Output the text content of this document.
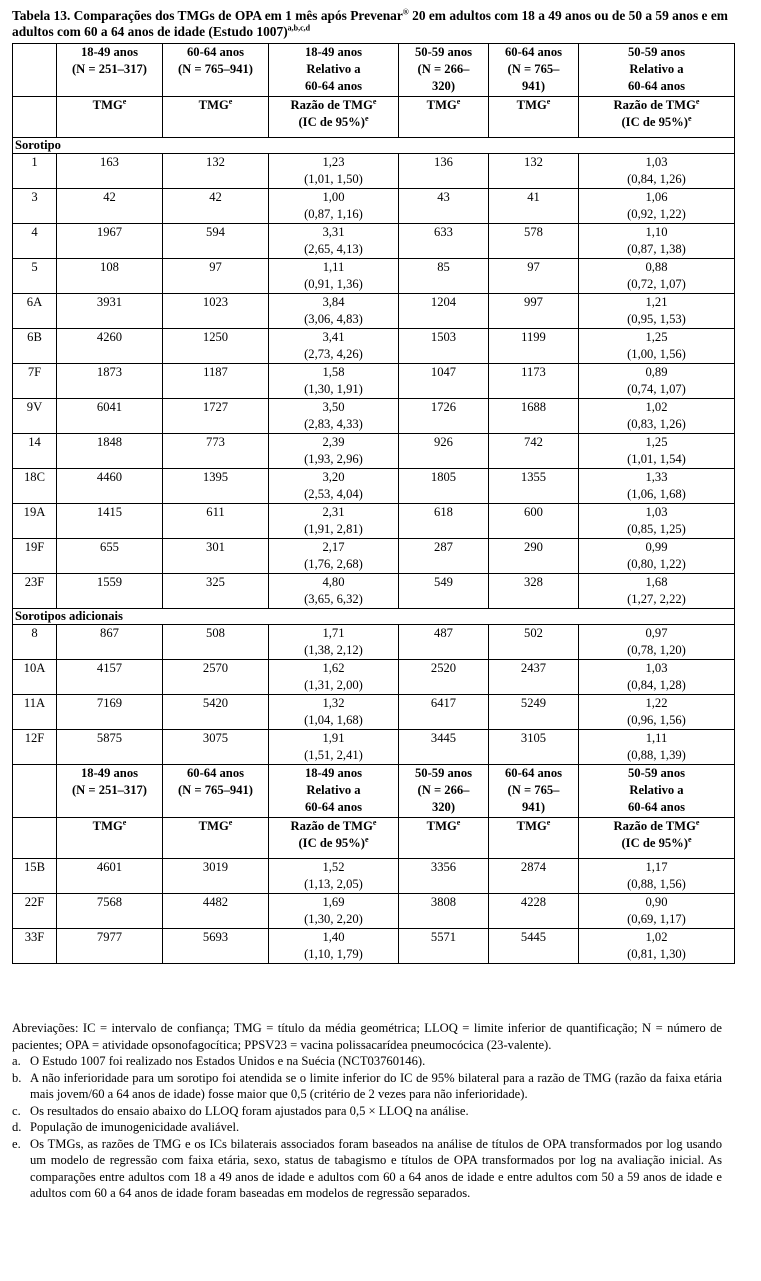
Tabela 13. Comparações dos TMGs de OPA em 1 mês após Prevenar® 20 em adultos com 18 a 49 anos ou de 50 a 59 anos e em adultos com 60 a 64 anos de idade (Estudo 1007)$^{a,b,c,d}$
	18-49 anos
(N = 251–317)	60-64 anos
(N = 765–941)	18-49 anos
Relativo a
60-64 anos	50-59 anos
(N = 266–
320)	60-64 anos
(N = 765–
941)	50-59 anos
Relativo a
60-64 anos
	TMG$^e$	TMG$^e$	Razão de TMG$^e$
(IC de 95%)$^e$	TMG$^e$	TMG$^e$	Razão de TMG$^e$
(IC de 95%)$^e$
Sorotipo						
1	163	132	1,23
(1,01, 1,50)	136	132	1,03
(0,84, 1,26)
3	42	42	1,00
(0,87, 1,16)	43	41	1,06
(0,92, 1,22)
4	1967	594	3,31
(2,65, 4,13)	633	578	1,10
(0,87, 1,38)
5	108	97	1,11
(0,91, 1,36)	85	97	0,88
(0,72, 1,07)
6A	3931	1023	3,84
(3,06, 4,83)	1204	997	1,21
(0,95, 1,53)
6B	4260	1250	3,41
(2,73, 4,26)	1503	1199	1,25
(1,00, 1,56)
7F	1873	1187	1,58
(1,30, 1,91)	1047	1173	0,89
(0,74, 1,07)
9V	6041	1727	3,50
(2,83, 4,33)	1726	1688	1,02
(0,83, 1,26)
14	1848	773	2,39
(1,93, 2,96)	926	742	1,25
(1,01, 1,54)
18C	4460	1395	3,20
(2,53, 4,04)	1805	1355	1,33
(1,06, 1,68)
19A	1415	611	2,31
(1,91, 2,81)	618	600	1,03
(0,85, 1,25)
19F	655	301	2,17
(1,76, 2,68)	287	290	0,99
(0,80, 1,22)
23F	1559	325	4,80
(3,65, 6,32)	549	328	1,68
(1,27, 2,22)
Sorotipos adicionais						
8	867	508	1,71
(1,38, 2,12)	487	502	0,97
(0,78, 1,20)
10A	4157	2570	1,62
(1,31, 2,00)	2520	2437	1,03
(0,84, 1,28)
11A	7169	5420	1,32
(1,04, 1,68)	6417	5249	1,22
(0,96, 1,56)
12F	5875	3075	1,91
(1,51, 2,41)	3445	3105	1,11
(0,88, 1,39)
	18-49 anos
(N = 251–317)	60-64 anos
(N = 765–941)	18-49 anos
Relativo a
60-64 anos	50-59 anos
(N = 266–
320)	60-64 anos
(N = 765–
941)	50-59 anos
Relativo a
60-64 anos
	TMG$^e$	TMG$^e$	Razão de TMG$^e$
(IC de 95%)$^e$	TMG$^e$	TMG$^e$	Razão de TMG$^e$
(IC de 95%)$^e$
15B	4601	3019	1,52
(1,13, 2,05)	3356	2874	1,17
(0,88, 1,56)
22F	7568	4482	1,69
(1,30, 2,20)	3808	4228	0,90
(0,69, 1,17)
33F	7977	5693	1,40
(1,10, 1,79)	5571	5445	1,02
(0,81, 1,30)

Abreviações: IC = intervalo de confiança; TMG = título da média geométrica; LLOQ = limite inferior de quantificação; N = número de pacientes; OPA = atividade opsonofagocítica; PPSV23 = vacina polissacarídea pneumocócica (23-valente).

a. O Estudo 1007 foi realizado nos Estados Unidos e na Suécia (NCT03760146).
b. A não inferioridade para um sorotipo foi atendida se o limite inferior do IC de 95% bilateral para a razão de TMG (razão da faixa etária mais jovem/60 a 64 anos de idade) fosse maior que 0,5 (critério de 2 vezes para não inferioridade).
c. Os resultados do ensaio abaixo do LLOQ foram ajustados para 0,5 × LLOQ na análise.
d. População de imunogenicidade avaliável.
e. Os TMGs, as razões de TMG e os ICs bilaterais associados foram baseados na análise de títulos de OPA transformados por log usando um modelo de regressão com faixa etária, sexo, status de tabagismo e títulos de OPA transformados por log na avaliação inicial. As comparações entre adultos com 18 a 49 anos de idade e adultos com 60 a 64 anos de idade e entre adultos com 50 a 59 anos de idade e adultos com 60 a 64 anos de idade foram baseadas em modelos de regressão separados.
